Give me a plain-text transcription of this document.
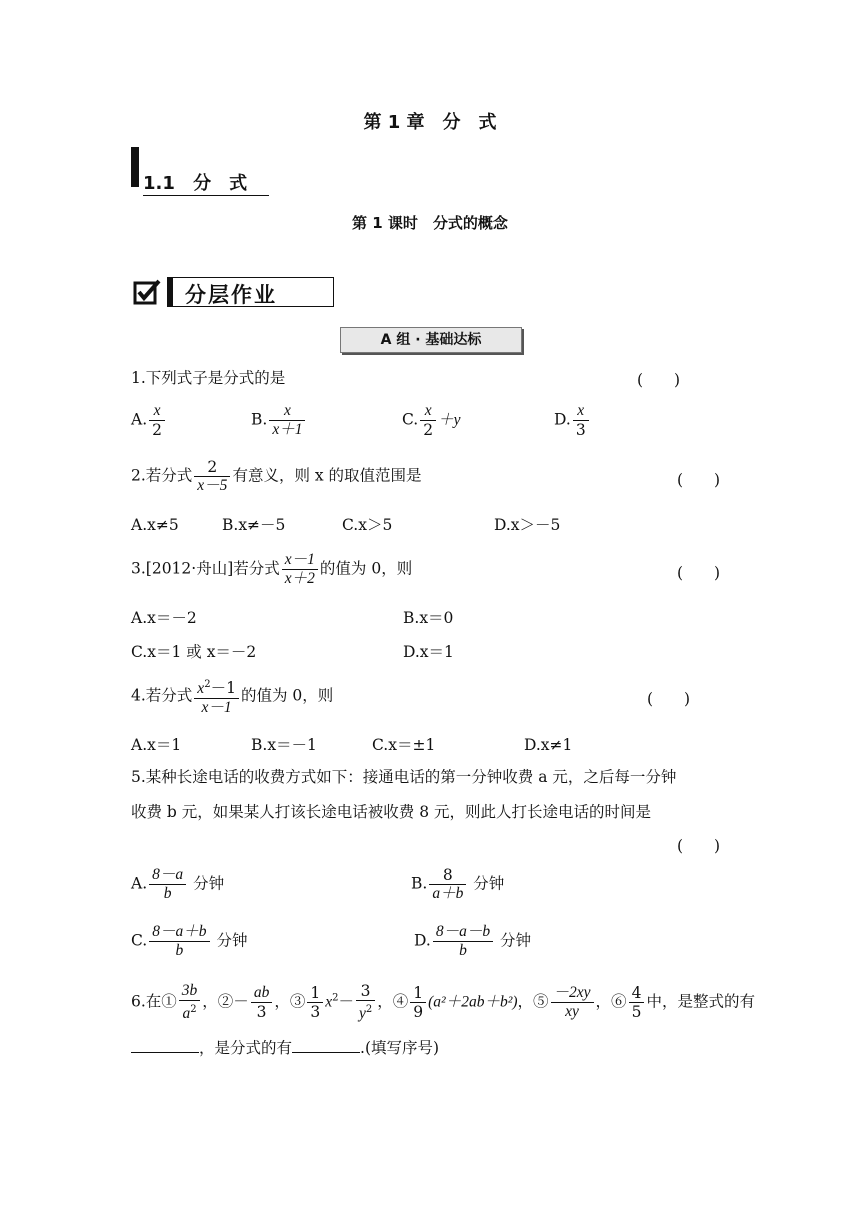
第 1 章　分　式
1.1 分　式
第 1 课时　分式的概念
分层作业
A 组 · 基础达标
1.下列式子是分式的是	(　　)
A. $\frac{x}{2}$	B. $\frac{x}{x+1}$	C. $\frac{x}{2} +y$	D. $\frac{x}{3}$
2.若分式 $\frac{2}{x-5}$ 有意义，则 x 的取值范围是	(　　)
A.x≠5	B.x≠－5	C.x＞5	D.x＞－5
3.[2012·舟山]若分式 $\frac{x-1}{x+2}$ 的值为 0，则	(　　)
A.x＝－2	B.x＝0
C.x＝1 或 x＝－2	D.x＝1
4.若分式 $\frac{x^2-1}{x-1}$ 的值为 0，则	(　　)
A.x＝1	B.x＝－1	C.x＝±1	D.x≠1
5.某种长途电话的收费方式如下：接通电话的第一分钟收费 a 元，之后每一分钟
收费 b 元，如果某人打该长途电话被收费 8 元，则此人打长途电话的时间是
(　　)
A. $\frac{8-a}{b}$ 分钟	B. $\frac{8}{a+b}$ 分钟
C. $\frac{8-a+b}{b}$ 分钟	D. $\frac{8-a-b}{b}$ 分钟
6.在① $\frac{3b}{a^2}$ ，②－ $\frac{ab}{3}$ ，③ $\frac{1}{3} x^2- \frac{3}{y^2}$ ，④ $\frac{1}{9} (a^2+2ab+b^2)$，⑤ $\frac{-2xy}{xy}$ ，⑥ $\frac{4}{5}$ 中，是整式的有
，是分式的有	.(填写序号)
